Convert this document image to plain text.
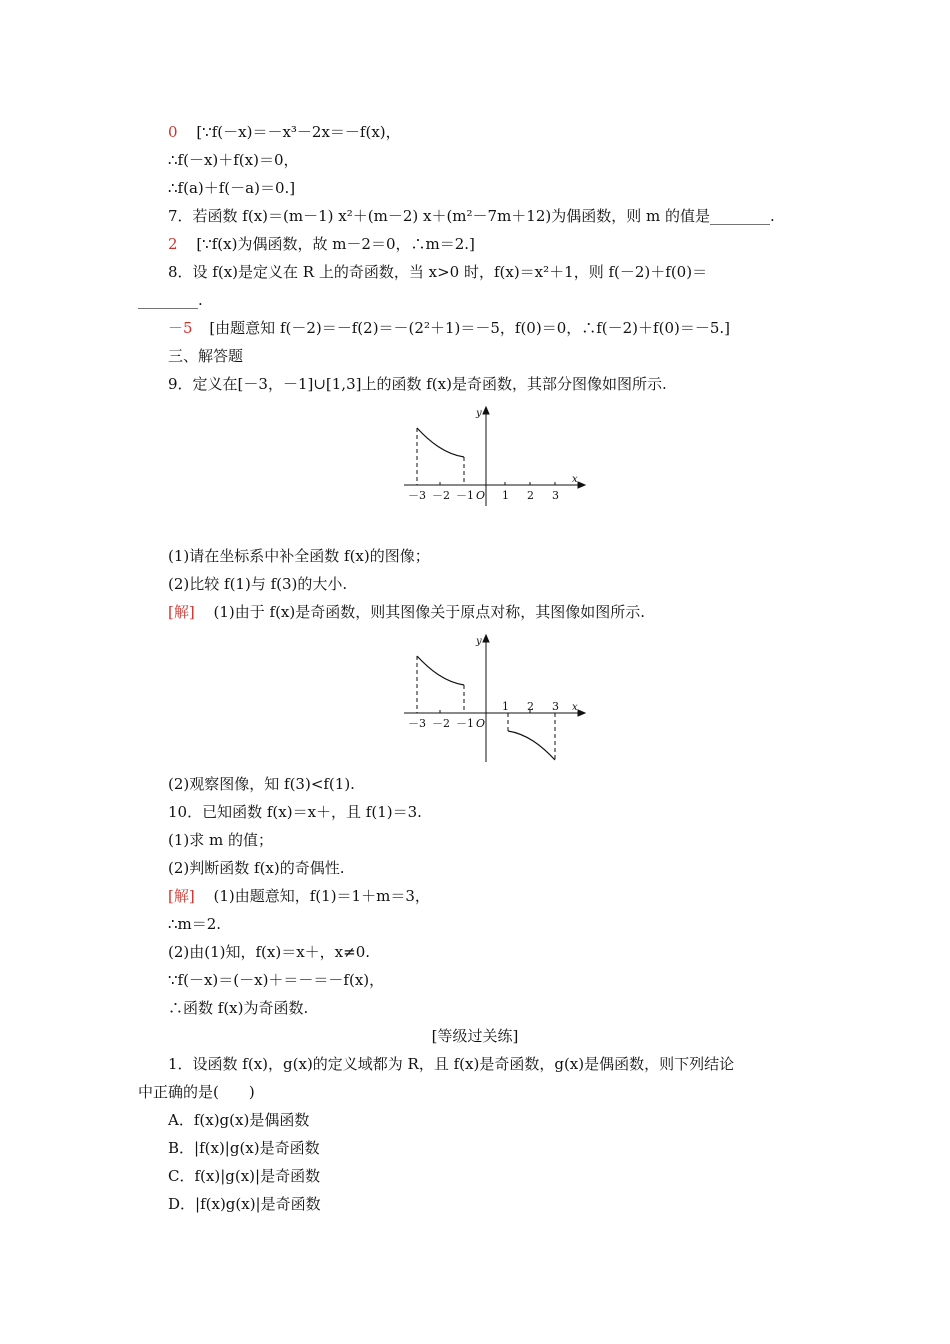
0 [∵f(－x)＝－x³－2x＝－f(x)，
∴f(－x)＋f(x)＝0，
∴f(a)＋f(－a)＝0.]
7．若函数 f(x)＝(m－1) x²＋(m－2) x＋(m²－7m＋12)为偶函数，则 m 的值是________.
2 [∵f(x)为偶函数，故 m－2＝0，∴m＝2.]
8．设 f(x)是定义在 R 上的奇函数，当 x>0 时，f(x)＝x²＋1，则 f(－2)＋f(0)＝
________.
－5 [由题意知 f(－2)＝－f(2)＝－(2²＋1)＝－5，f(0)＝0，∴f(－2)＋f(0)＝－5.]
三、解答题
9．定义在[－3，－1]∪[1,3]上的函数 f(x)是奇函数，其部分图像如图所示.
－3 －2 －1	1 2 3
O
x
y
(1)请在坐标系中补全函数 f(x)的图像；
(2)比较 f(1)与 f(3)的大小.
[解] (1)由于 f(x)是奇函数，则其图像关于原点对称，其图像如图所示.
－3 －2 －1
1 2 3
O
x
y
(2)观察图像，知 f(3)<f(1).
10．已知函数 f(x)＝x＋，且 f(1)＝3.
(1)求 m 的值；
(2)判断函数 f(x)的奇偶性.
[解] (1)由题意知，f(1)＝1＋m＝3，
∴m＝2.
(2)由(1)知，f(x)＝x＋，x≠0.
∵f(－x)＝(－x)＋＝－＝－f(x)，
∴函数 f(x)为奇函数.
[等级过关练]
1．设函数 f(x)，g(x)的定义域都为 R，且 f(x)是奇函数，g(x)是偶函数，则下列结论
中正确的是(　　)
A．f(x)g(x)是偶函数
B．|f(x)|g(x)是奇函数
C．f(x)|g(x)|是奇函数
D．|f(x)g(x)|是奇函数
